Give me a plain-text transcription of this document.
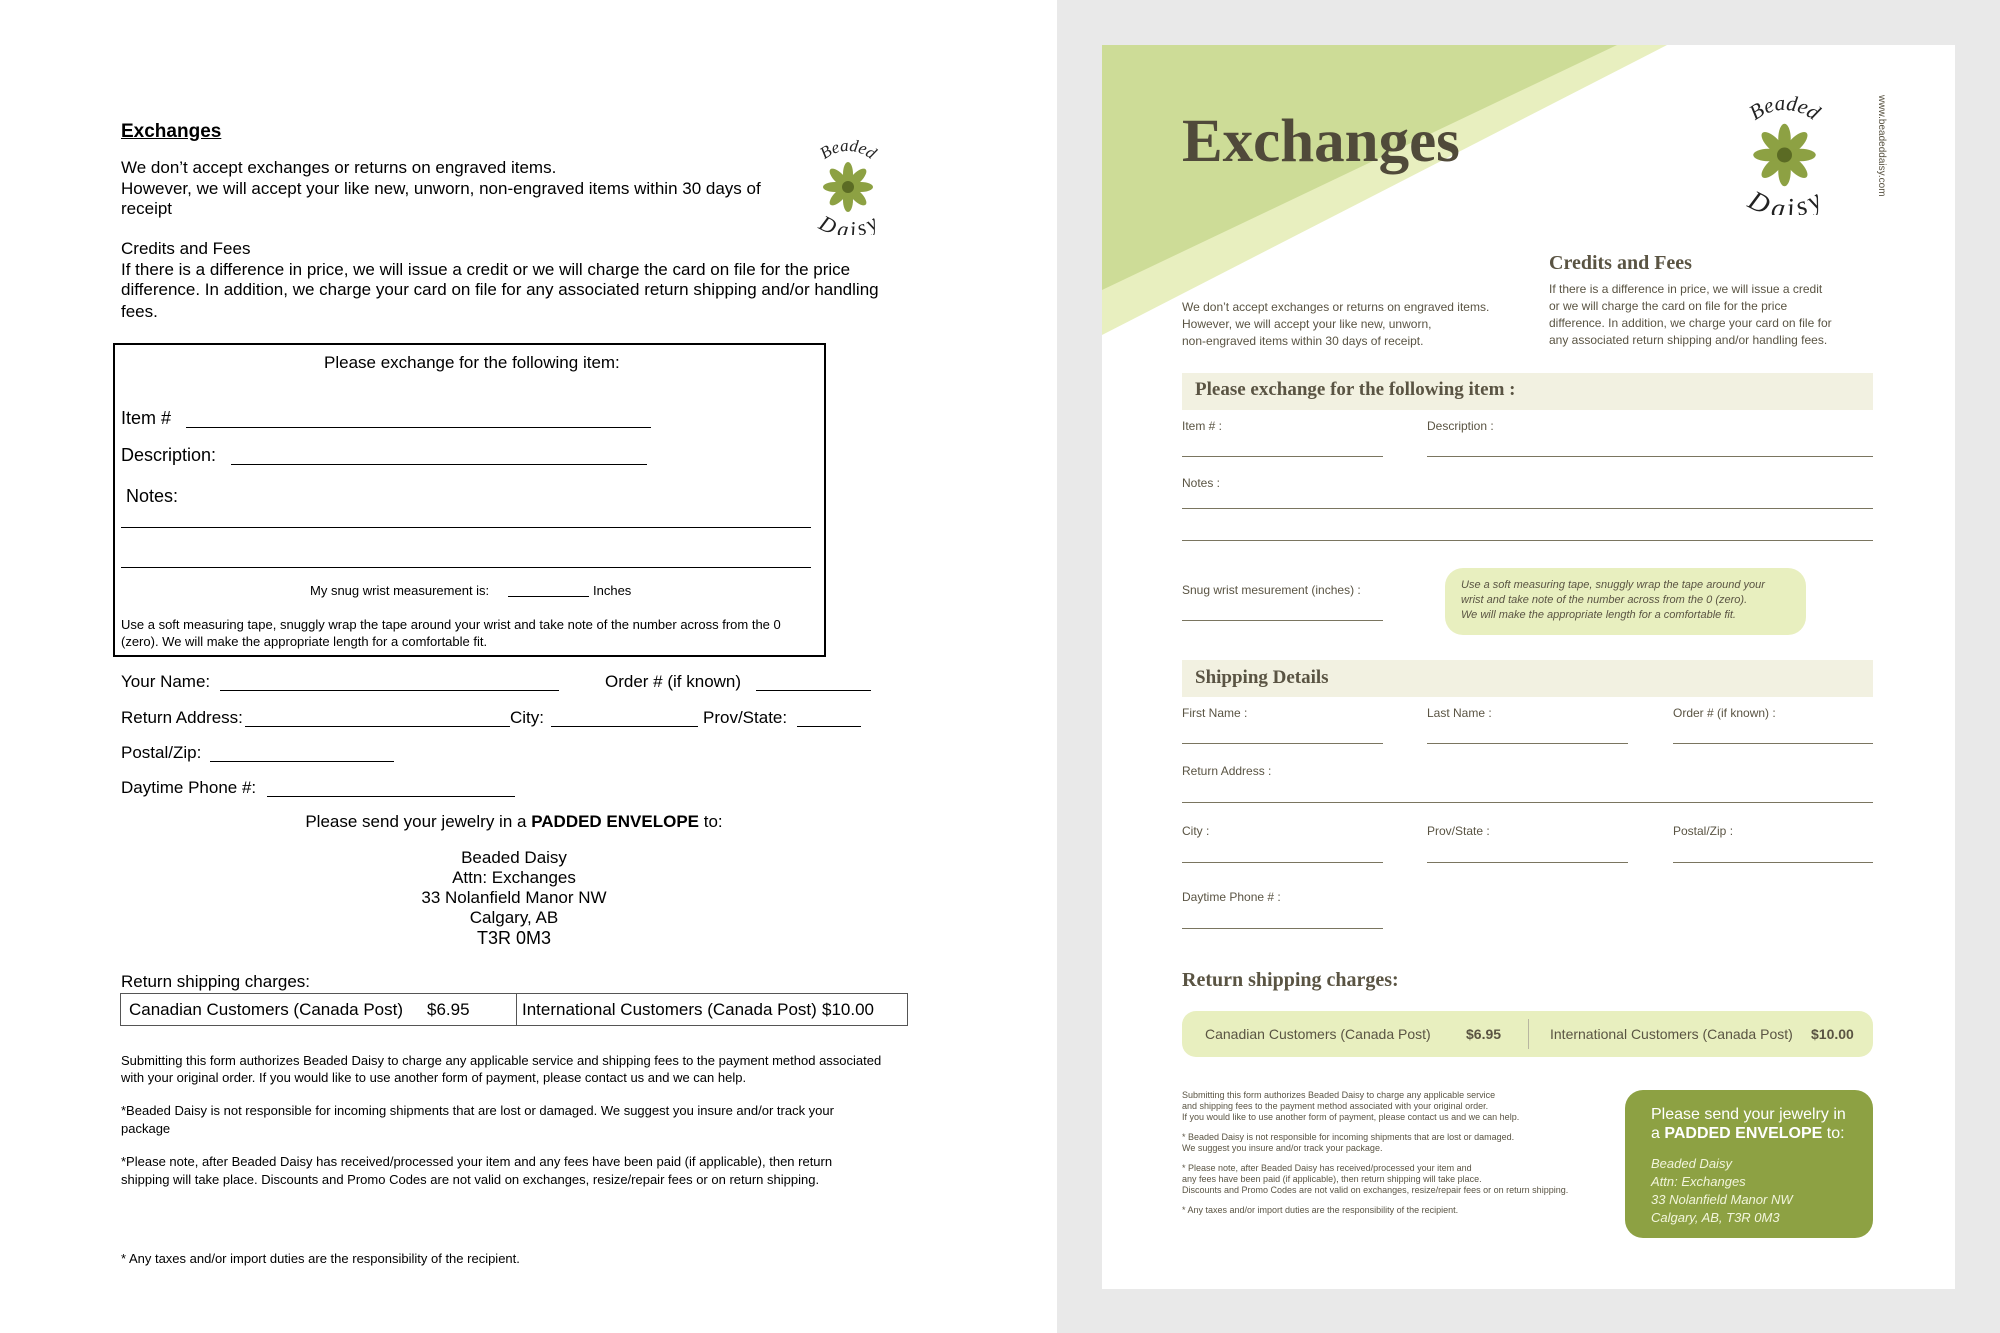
Exchanges
We don’t accept exchanges or returns on engraved items.
However, we will accept your like new, unworn, non-engraved items within 30 days of
receipt
Beaded
Daisy
Credits and Fees
If there is a difference in price, we will issue a credit or we will charge the card on file for the price
difference. In addition, we charge your card on file for any associated return shipping and/or handling
fees.
Please exchange for the following item:
Item #
Description:
Notes:
My snug wrist measurement is:	Inches
Use a soft measuring tape, snuggly wrap the tape around your wrist and take note of the number across from the 0
(zero). We will make the appropriate length for a comfortable fit.
Your Name:	Order # (if known)
Return Address:	City:	Prov/State:
Postal/Zip:
Daytime Phone #:
Please send your jewelry in a PADDED ENVELOPE to:
Beaded Daisy
Attn: Exchanges
33 Nolanfield Manor NW
Calgary, AB
T3R 0M3
Return shipping charges:
Canadian Customers (Canada Post) $6.95	International Customers (Canada Post) $10.00
Submitting this form authorizes Beaded Daisy to charge any applicable service and shipping fees to the payment method associated
with your original order. If you would like to use another form of payment, please contact us and we can help.
*Beaded Daisy is not responsible for incoming shipments that are lost or damaged. We suggest you insure and/or track your
package
*Please note, after Beaded Daisy has received/processed your item and any fees have been paid (if applicable), then return
shipping will take place. Discounts and Promo Codes are not valid on exchanges, resize/repair fees or on return shipping.
* Any taxes and/or import duties are the responsibility of the recipient.
Exchanges	Beaded
Daisy
www.beadeddaisy.com
Credits and Fees
If there is a difference in price, we will issue a credit
or we will charge the card on file for the price
difference. In addition, we charge your card on file for
any associated return shipping and/or handling fees.
We don’t accept exchanges or returns on engraved items.
However, we will accept your like new, unworn,
non-engraved items within 30 days of receipt.
Please exchange for the following item :
Item # :	Description :
Notes :
Snug wrist mesurement (inches) :	Use a soft measuring tape, snuggly wrap the tape around your
wrist and take note of the number across from the 0 (zero).
We will make the appropriate length for a comfortable fit.
Shipping Details
First Name :	Last Name :	Order # (if known) :
Return Address :
City :	Prov/State :	Postal/Zip :
Daytime Phone # :
Return shipping charges:
Canadian Customers (Canada Post)	$6.95	International Customers (Canada Post) $10.00
Submitting this form authorizes Beaded Daisy to charge any applicable service
and shipping fees to the payment method associated with your original order.
If you would like to use another form of payment, please contact us and we can help.
* Beaded Daisy is not responsible for incoming shipments that are lost or damaged.
We suggest you insure and/or track your package.
* Please note, after Beaded Daisy has received/processed your item and
any fees have been paid (if applicable), then return shipping will take place.
Discounts and Promo Codes are not valid on exchanges, resize/repair fees or on return shipping.
* Any taxes and/or import duties are the responsibility of the recipient.
Please send your jewelry in
a PADDED ENVELOPE to:
Beaded Daisy
Attn: Exchanges
33 Nolanfield Manor NW
Calgary, AB, T3R 0M3
